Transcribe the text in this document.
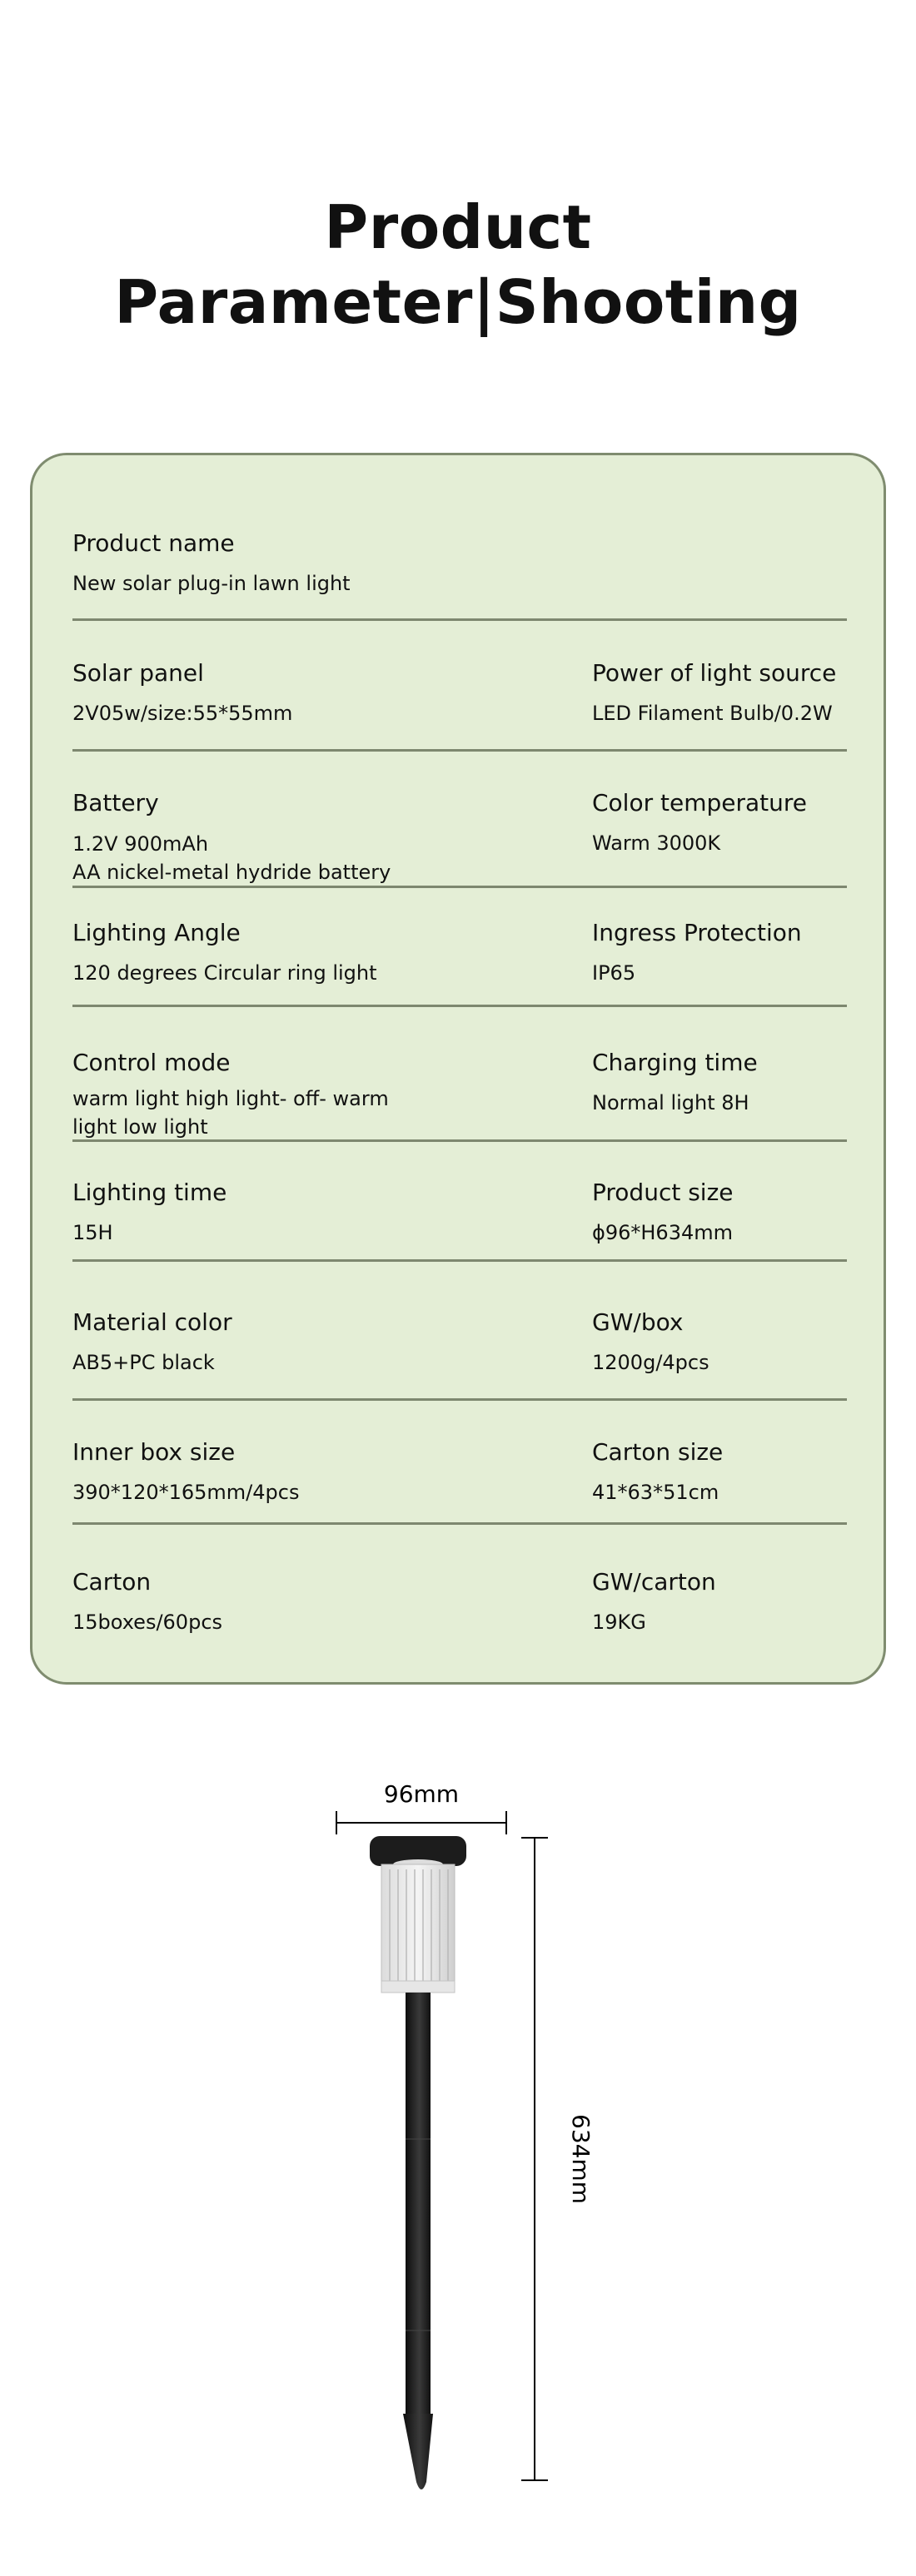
Product
Parameter|Shooting
Product name
New solar plug-in lawn light
Solar panel
2V05w/size:55*55mm
Power of light source
LED Filament Bulb/0.2W
Battery
1.2V 900mAh
AA nickel-metal hydride battery
Color temperature
Warm 3000K
Lighting Angle
120 degrees Circular ring light
Ingress Protection
IP65
Control mode
warm light high light- off- warm
light low light
Charging time
Normal light 8H
Lighting time
15H
Product size
ϕ96*H634mm
Material color
AB5+PC black
GW/box
1200g/4pcs
Inner box size
390*120*165mm/4pcs
Carton size
41*63*51cm
Carton
15boxes/60pcs
GW/carton
19KG
96mm
634mm
